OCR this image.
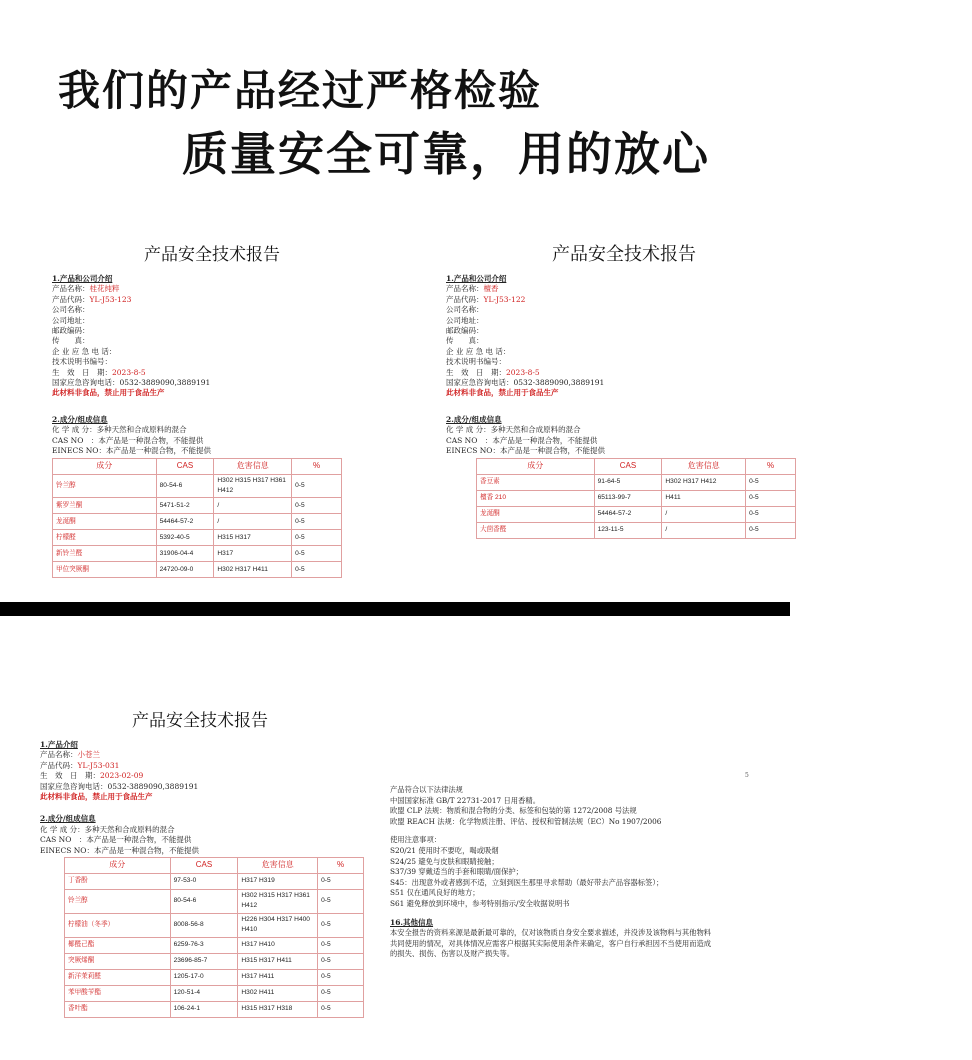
我们的产品经过严格检验
质量安全可靠，用的放心
产品安全技术报告
1.产品和公司介绍
产品名称：桂花纯粹
产品代码：YL-J53-123
公司名称：
公司地址：
邮政编码：
传　　真：
企 业 应 急 电 话：
技术说明书编号：
生　效　日　期：2023-8-5
国家应急咨询电话：0532-3889090,3889191
此材料非食品，禁止用于食品生产
2.成分/组成信息
化 学 成 分：多种天然和合成原料的混合
CAS NO　：本产品是一种混合物，不能提供
EINECS NO：本产品是一种混合物，不能提供
成分	CAS	危害信息	%
铃兰醇	80-54-6	H302 H315 H317 H361 H412	0-5
紫罗兰酮	5471-51-2	/	0-5
龙涎酮	54464-57-2	/	0-5
柠檬醛	5392-40-5	H315 H317	0-5
新铃兰醛	31906-04-4	H317	0-5
甲位突厥酮	24720-09-0	H302 H317 H411	0-5
产品安全技术报告
1.产品和公司介绍
产品名称：檀香
产品代码：YL-J53-122
公司名称：
公司地址：
邮政编码：
传　　真：
企 业 应 急 电 话：
技术说明书编号：
生　效　日　期：2023-8-5
国家应急咨询电话：0532-3889090,3889191
此材料非食品，禁止用于食品生产
2.成分/组成信息
化 学 成 分：多种天然和合成原料的混合
CAS NO　：本产品是一种混合物，不能提供
EINECS NO：本产品是一种混合物，不能提供
成分	CAS	危害信息	%
香豆素	91-64-5	H302 H317 H412	0-5
檀香 210	65113-99-7	H411	0-5
龙涎酮	54464-57-2	/	0-5
大茴香醛	123-11-5	/	0-5
产品安全技术报告
1.产品介绍
产品名称：小苍兰
产品代码：YL-J53-031
生　效　日　期：2023-02-09
国家应急咨询电话：0532-3889090,3889191
此材料非食品，禁止用于食品生产
2.成分/组成信息
化 学 成 分：多种天然和合成原料的混合
CAS NO　：本产品是一种混合物，不能提供
EINECS NO：本产品是一种混合物，不能提供
成分	CAS	危害信息	%
丁香酚	97-53-0	H317 H319	0-5
铃兰醇	80-54-6	H302 H315 H317 H361 H412	0-5
柠檬油（冬季）	8008-56-8	H226 H304 H317 H400 H410	0-5
椰醛己酯	6259-76-3	H317 H410	0-5
突厥烯酮	23696-85-7	H315 H317 H411	0-5
新洋茉莉醛	1205-17-0	H317 H411	0-5
苯甲酸苄酯	120-51-4	H302 H411	0-5
香叶酯	106-24-1	H315 H317 H318	0-5
5

产品符合以下法律法规

中国国家标准 GB/T 22731-2017 日用香精。

欧盟 CLP 法规：物质和混合物的分类、标签和包装的第 1272/2008 号法规

欧盟 REACH 法规：化学物质注册、评估、授权和管制法规（EC）No 1907/2006

使用注意事项：

S20/21 使用时不要吃，喝或吸烟

S24/25 避免与皮肤和眼睛接触；

S37/39 穿戴适当的手套和眼睛/面保护；

S45：出现意外或者感到不适，立刻到医生那里寻求帮助（最好带去产品容器标签）；

S51 仅在通风良好的地方；

S61 避免释放到环境中，参考特别指示/安全收据说明书

16.其他信息

本安全报告的资料来源是最新最可靠的，仅对该物质自身安全要求描述，并没涉及该物料与其他物料

共同使用的情况，对具体情况应需客户根据其实际使用条件来确定，客户自行承担因不当使用而造成

的损失、损伤、伤害以及财产损失等。
